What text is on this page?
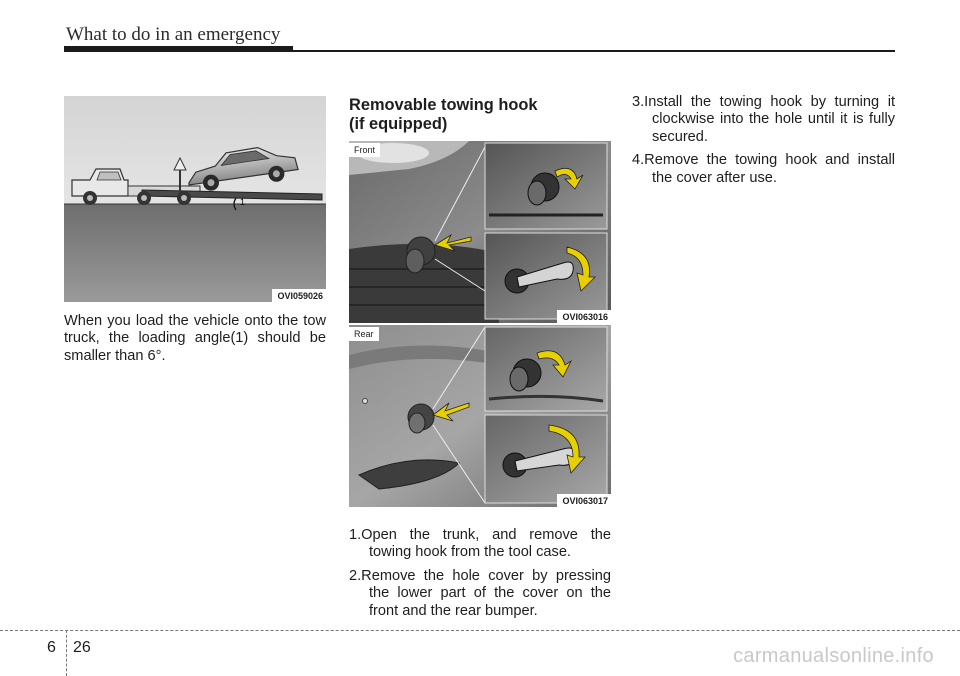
What to do in an emergency
1
OVI059026

When you load the vehicle onto the tow truck, the loading angle(1) should be smaller than 6°.

Removable towing hook
(if equipped)
Front
OVI063016
Rear
OVI063017
1.Open the trunk, and remove the towing hook from the tool case.
2.Remove the hole cover by pressing the lower part of the cover on the front and the rear bumper.
3.Install the towing hook by turning it clockwise into the hole until it is fully secured.
4.Remove the towing hook and install the cover after use.
6 26	carmanualsonline.info
